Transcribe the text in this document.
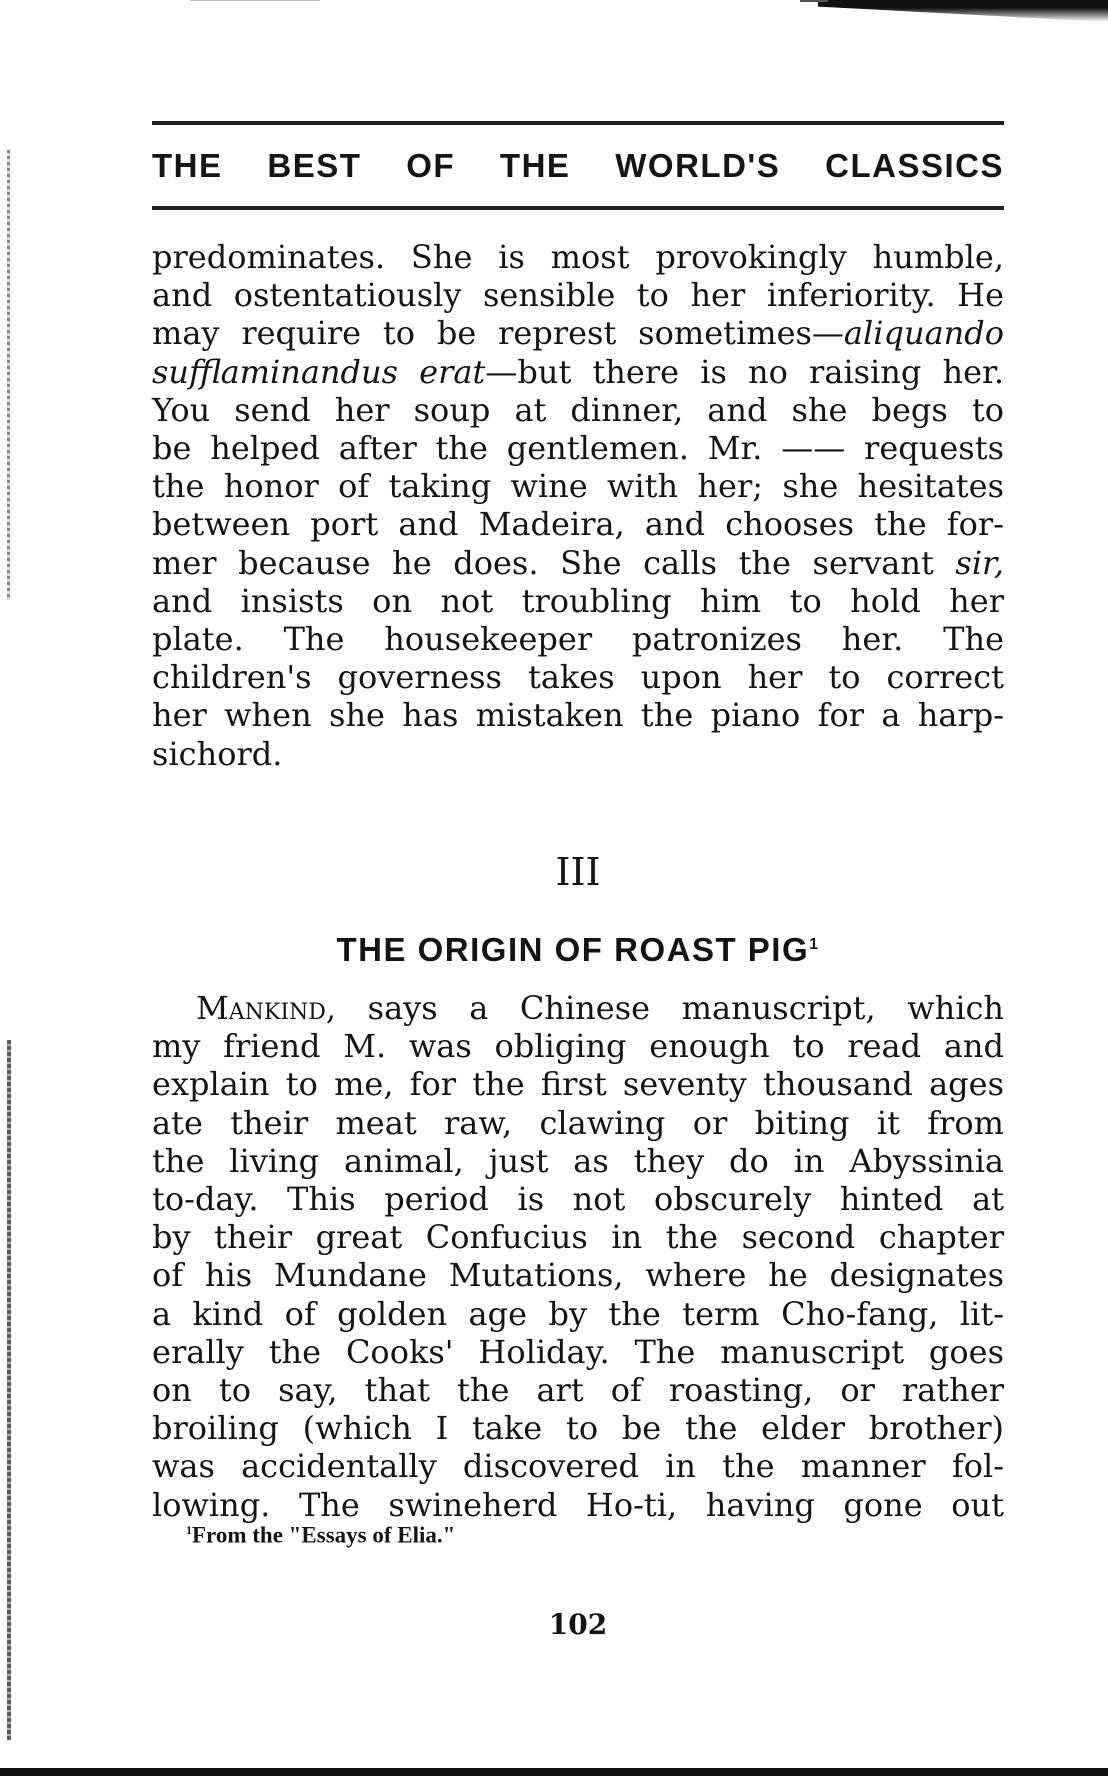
THE BEST OF THE WORLD'S CLASSICS
predominates. She is most provokingly humble,
and ostentatiously sensible to her inferiority. He
may require to be represt sometimes—aliquando
sufflaminandus erat—but there is no raising her.
You send her soup at dinner, and she begs to
be helped after the gentlemen. Mr. —— requests
the honor of taking wine with her; she hesitates
between port and Madeira, and chooses the for-
mer because he does. She calls the servant sir,
and insists on not troubling him to hold her
plate. The housekeeper patronizes her. The
children's governess takes upon her to correct
her when she has mistaken the piano for a harp-
sichord.
III
THE ORIGIN OF ROAST PIG$^1$
Mankind, says a Chinese manuscript, which
my friend M. was obliging enough to read and
explain to me, for the first seventy thousand ages
ate their meat raw, clawing or biting it from
the living animal, just as they do in Abyssinia
to-day. This period is not obscurely hinted at
by their great Confucius in the second chapter
of his Mundane Mutations, where he designates
a kind of golden age by the term Cho-fang, lit-
erally the Cooks' Holiday. The manuscript goes
on to say, that the art of roasting, or rather
broiling (which I take to be the elder brother)
was accidentally discovered in the manner fol-
lowing. The swineherd Ho-ti, having gone out
$^1$From the "Essays of Elia."
102
